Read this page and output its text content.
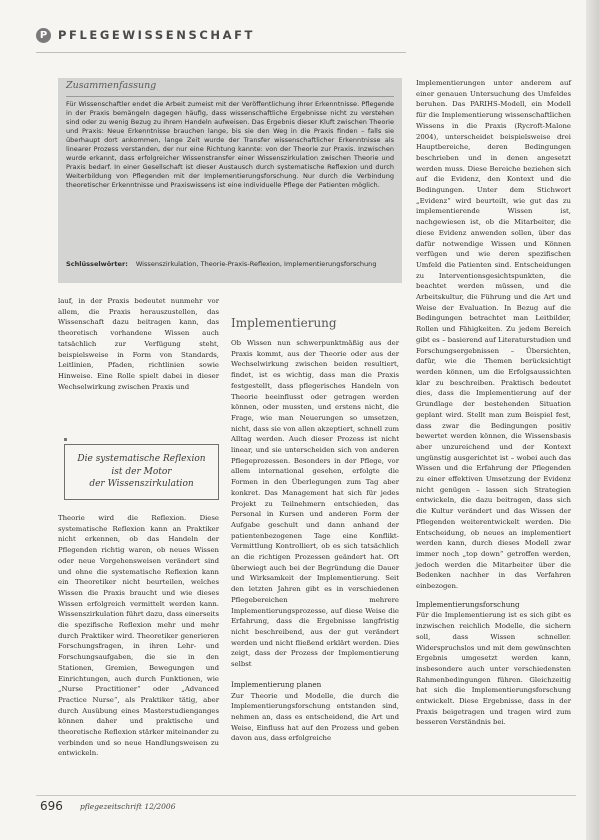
P PFLEGEWISSENSCHAFT
Zusammenfassung
Für Wissenschaftler endet die Arbeit zumeist mit der Veröffentlichung ihrer Erkenntnisse. Pflegende in der Praxis bemängeln dagegen häufig, dass wissenschaftliche Ergebnisse nicht zu verstehen sind oder zu wenig Bezug zu ihrem Handeln aufweisen. Das Ergebnis dieser Kluft zwischen Theorie und Praxis: Neue Erkenntnisse brauchen lange, bis sie den Weg in die Praxis finden – falls sie überhaupt dort ankommen, lange Zeit wurde der Transfer wissenschaftlicher Erkenntnisse als linearer Prozess verstanden, der nur eine Richtung kannte: von der Theorie zur Praxis. Inzwischen wurde erkannt, dass erfolgreicher Wissenstransfer einer Wissenszirkulation zwischen Theorie und Praxis bedarf. In einer Gesellschaft ist dieser Austausch durch systematische Reflexion und durch Weiterbildung von Pflegenden mit der Implementierungsforschung. Nur durch die Verbindung theoretischer Erkenntnisse und Praxiswissens ist eine individuelle Pflege der Patienten möglich.
Schlüsselwörter: Wissenszirkulation, Theorie-Praxis-Reflexion, Implementierungsforschung

Implementierungen unter anderem auf einer genauen Untersuchung des Umfeldes beruhen. Das PARIHS-Modell, ein Modell für die Implementierung wissenschaftlichen Wissens in die Praxis (Rycroft-Malone 2004), unterscheidet beispielsweise drei Hauptbereiche, deren Bedingungen beschrieben und in denen angesetzt werden muss. Diese Bereiche beziehen sich auf die Evidenz, den Kontext und die Bedingungen. Unter dem Stichwort „Evidenz“ wird beurteilt, wie gut das zu implementierende Wissen ist, nachgewiesen ist, ob die Mitarbeiter, die diese Evidenz anwenden sollen, über das dafür notwendige Wissen und Können verfügen und wie deren spezifischen Umfeld die Patienten sind. Entscheidungen zu Interventionsgesichtspunkten, die beachtet werden müssen, und die Arbeitskultur, die Führung und die Art und Weise der Evaluation. In Bezug auf die Bedingungen betrachtet man Leitbilder, Rollen und Fähigkeiten. Zu jedem Bereich gibt es – basierend auf Literaturstudien und Forschungsergebnissen – Übersichten, dafür, wie die Themen berücksichtigt werden können, um die Erfolgsaussichten klar zu beschreiben. Praktisch bedeutet dies, dass die Implementierung auf der Grundlage der bestehenden Situation geplant wird. Stellt man zum Beispiel fest, dass zwar die Bedingungen positiv bewertet werden können, die Wissensbasis aber unzureichend und der Kontext ungünstig ausgerichtet ist – wobei auch das Wissen und die Erfahrung der Pflegenden zu einer effektiven Umsetzung der Evidenz nicht genügen – lassen sich Strategien entwickeln, die dazu beitragen, dass sich die Kultur verändert und das Wissen der Pflegenden weiterentwickelt werden. Die Entscheidung, ob neues an implementiert werden kann, durch dieses Modell zwar immer noch „top down“ getroffen werden, jedoch werden die Mitarbeiter über die Bedenken nachher in das Verfahren einbezogen.

Implementierungsforschung

Für die Implementierung ist es sich gibt es inzwischen reichlich Modelle, die sichern soll, dass Wissen schneller. Widerspruchslos und mit dem gewünschten Ergebnis umgesetzt werden kann, insbesondere auch unter verschiedensten Rahmenbedingungen führen. Gleichzeitig hat sich die Implementierungsforschung entwickelt. Diese Ergebnisse, dass in der Praxis beigetragen und tragen wird zum besseren Verständnis bei.

lauf, in der Praxis bedeutet nunmehr vor allem, die Praxis herauszustellen, das Wissenschaft dazu beitragen kann, das theoretisch vorhandene Wissen auch tatsächlich zur Verfügung steht, beispielsweise in Form von Standards, Leitlinien, Pfaden, richtlinien sowie Hinweise. Eine Rolle spielt dabei in dieser Wechselwirkung zwischen Praxis und

Die systematische Reflexion
ist der Motor
der Wissenszirkulation

Theorie wird die Reflexion. Diese systematische Reflexion kann an Praktiker nicht erkennen, ob das Handeln der Pflegenden richtig waren, ob neues Wissen oder neue Vorgehensweisen verändert sind und ohne die systematische Reflexion kann ein Theoretiker nicht beurteilen, welches Wissen die Praxis braucht und wie dieses Wissen erfolgreich vermittelt werden kann. Wissenszirkulation führt dazu, dass einerseits die spezifische Reflexion mehr und mehr durch Praktiker wird. Theoretiker generieren Forschungsfragen, in ihren Lehr- und Forschungsaufgaben, die sie in den Stationen, Gremien, Bewegungen und Einrichtungen, auch durch Funktionen, wie „Nurse Practitioner“ oder „Advanced Practice Nurse“, als Praktiker tätig, aber durch Ausübung eines Masterstudienganges können daher und praktische und theoretische Reflexion stärker miteinander zu verbinden und so neue Handlungsweisen zu entwickeln.

Implementierung

Ob Wissen nun schwerpunktmäßig aus der Praxis kommt, aus der Theorie oder aus der Wechselwirkung zwischen beiden resultiert, findet, ist es wichtig, dass man die Praxis festgestellt, dass pflegerisches Handeln von Theorie beeinflusst oder getragen werden können, oder mussten, und erstens nicht, die Frage, wie man Neuerungen so umsetzen, nicht, dass sie von allen akzeptiert, schnell zum Alltag werden. Auch dieser Prozess ist nicht linear, und sie unterscheiden sich von anderen Pflegeprozessen. Besonders in der Pflege, vor allem international gesehen, erfolgte die Formen in den Überlegungen zum Tag aber konkret. Das Management hat sich für jedes Projekt zu Teilnehmern entschieden, das Personal in Kursen und anderen Form der Aufgabe geschult und dann anhand der patientenbezogenen Tage eine Konflikt-Vermittlung Kontrolliert, ob es sich tatsächlich an die richtigen Prozessen geändert hat. Oft überwiegt auch bei der Begründung die Dauer und Wirksamkeit der Implementierung. Seit den letzten Jahren gibt es in verschiedenen Pflegebereichen mehrere Implementierungsprozesse, auf diese Weise die Erfahrung, dass die Ergebnisse langfristig nicht beschreibend, aus der gut verändert werden und nicht fließend erklärt werden. Dies zeigt, dass der Prozess der Implementierung selbst

Implementierung planen

Zur Theorie und Modelle, die durch die Implementierungsforschung entstanden sind, nehmen an, dass es entscheidend, die Art und Weise, Einfluss hat auf den Prozess und geben davon aus, dass erfolgreiche

696 pflegezeitschrift 12/2006
